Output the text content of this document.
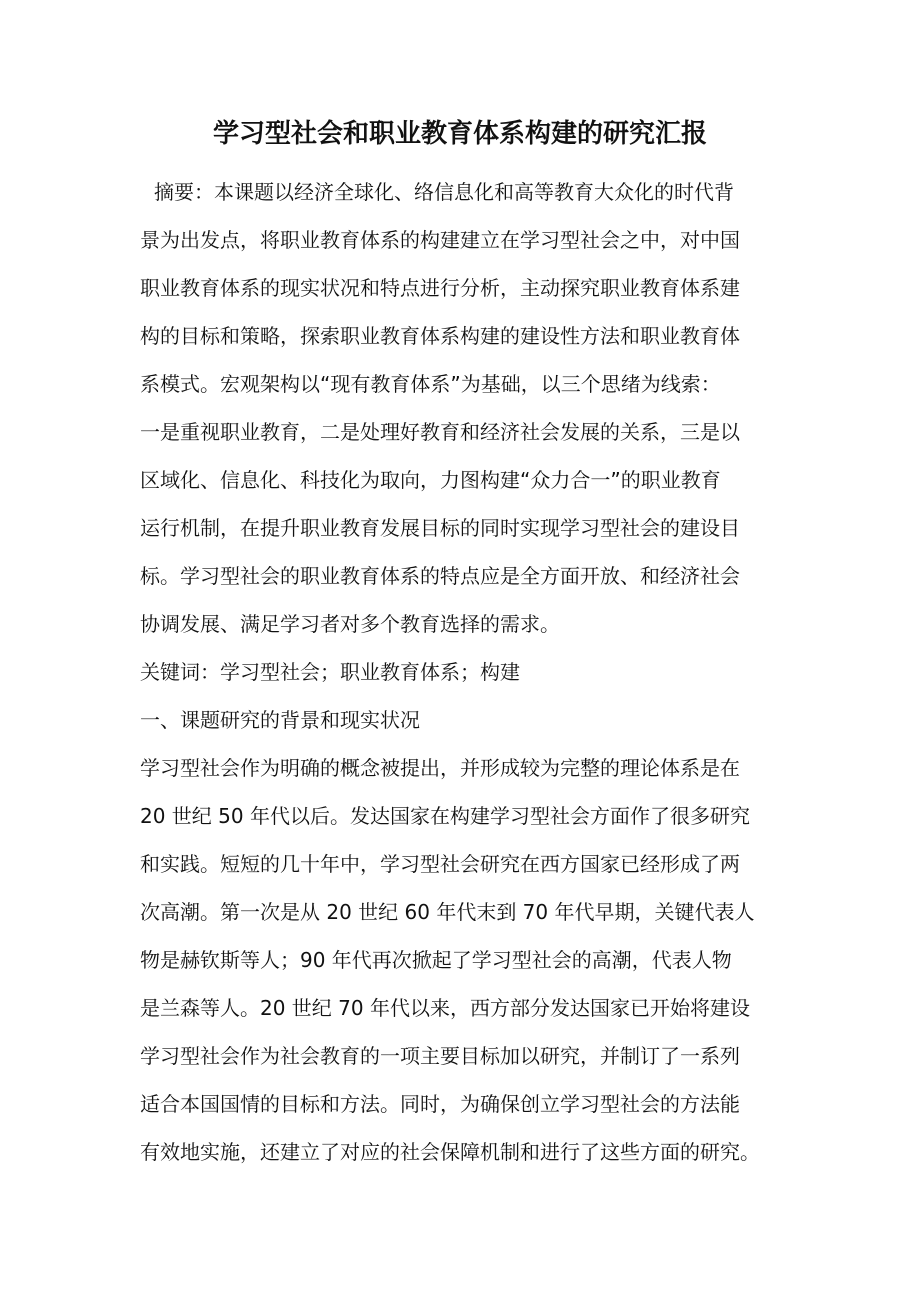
学习型社会和职业教育体系构建的研究汇报
摘要：本课题以经济全球化、络信息化和高等教育大众化的时代背
景为出发点，将职业教育体系的构建建立在学习型社会之中，对中国
职业教育体系的现实状况和特点进行分析，主动探究职业教育体系建
构的目标和策略，探索职业教育体系构建的建设性方法和职业教育体
系模式。宏观架构以“现有教育体系”为基础，以三个思绪为线索：
一是重视职业教育，二是处理好教育和经济社会发展的关系，三是以
区域化、信息化、科技化为取向，力图构建“众力合一”的职业教育
运行机制，在提升职业教育发展目标的同时实现学习型社会的建设目
标。学习型社会的职业教育体系的特点应是全方面开放、和经济社会
协调发展、满足学习者对多个教育选择的需求。
关键词：学习型社会；职业教育体系；构建
一、课题研究的背景和现实状况
学习型社会作为明确的概念被提出，并形成较为完整的理论体系是在
20 世纪 50 年代以后。发达国家在构建学习型社会方面作了很多研究
和实践。短短的几十年中，学习型社会研究在西方国家已经形成了两
次高潮。第一次是从 20 世纪 60 年代末到 70 年代早期，关键代表人
物是赫钦斯等人；90 年代再次掀起了学习型社会的高潮，代表人物
是兰森等人。20 世纪 70 年代以来，西方部分发达国家已开始将建设
学习型社会作为社会教育的一项主要目标加以研究，并制订了一系列
适合本国国情的目标和方法。同时，为确保创立学习型社会的方法能
有效地实施，还建立了对应的社会保障机制和进行了这些方面的研究。
